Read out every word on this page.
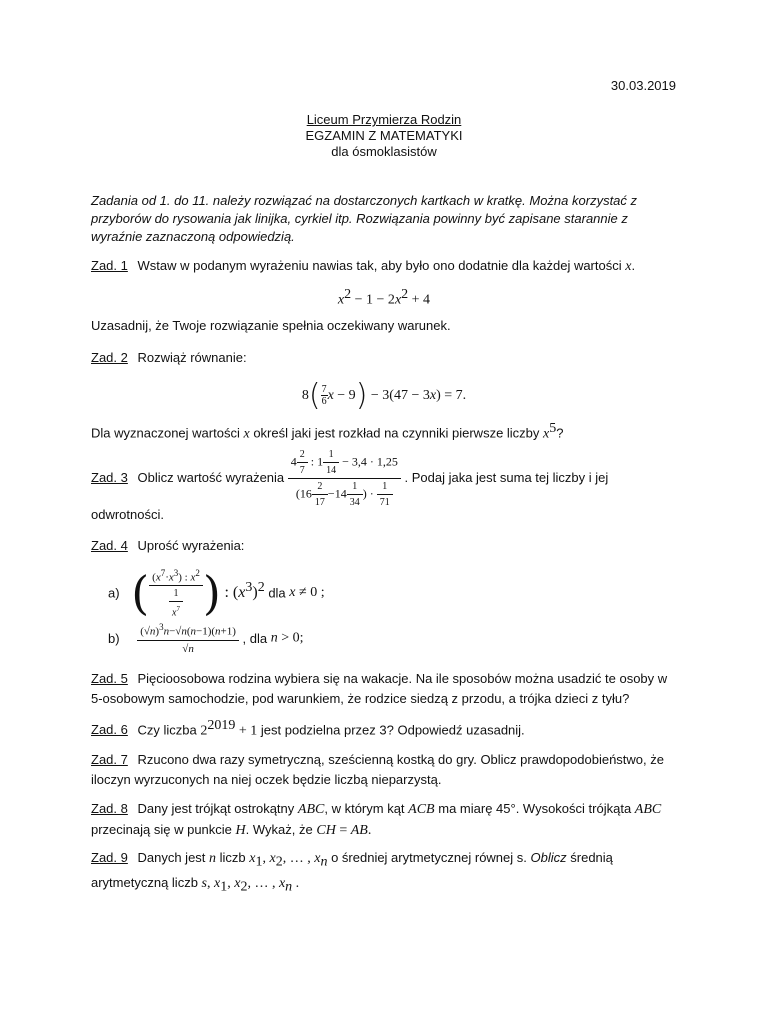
30.03.2019
Liceum Przymierza Rodzin
EGZAMIN Z MATEMATYKI
dla ósmoklasistów
Zadania od 1. do 11. należy rozwiązać na dostarczonych kartkach w kratkę. Można korzystać z przyborów do rysowania jak linijka, cyrkiel itp. Rozwiązania powinny być zapisane starannie z wyraźnie zaznaczoną odpowiedzią.
Zad. 1 Wstaw w podanym wyrażeniu nawias tak, aby było ono dodatnie dla każdej wartości x.
$x^2 - 1 - 2x^2 + 4$
Uzasadnij, że Twoje rozwiązanie spełnia oczekiwany warunek.
Zad. 2 Rozwiąż równanie:
$8( \frac{7}{6}$ x − 9) − 3(47 − 3x) = 7.
Dla wyznaczonej wartości x określ jaki jest rozkład na czynniki pierwsze liczby $x^5$?
Zad. 3 Oblicz wartość wyrażenia $\frac{4 \frac{2}{7} : 1 \frac{1}{14} - 3,4 \cdot 1,25}{(16 \frac{2}{17} -14 \frac{1}{34} ) \cdot \frac{1}{71}}$ . Podaj jaka jest suma tej liczby i jej
odwrotności.
Zad. 4 Uprość wyrażenia:
a) ( $\frac{(x^7\cdot x^3) : x^2}{\frac{1}{x^7}}$ ) : $(x^3)^2$ dla x ≠ 0 ;
$b) \frac{(√n)^3n-√n(n-1)(n+1)}{√n}$ , dla n > 0;
Zad. 5 Pięcioosobowa rodzina wybiera się na wakacje. Na ile sposobów można usadzić te osoby w
5-osobowym samochodzie, pod warunkiem, że rodzice siedzą z przodu, a trójka dzieci z tyłu?
Zad. 6 Czy liczba $2^{2019} + 1$ jest podzielna przez 3? Odpowiedź uzasadnij.
Zad. 7 Rzucono dwa razy symetryczną, sześcienną kostką do gry. Oblicz prawdopodobieństwo, że
iloczyn wyrzuconych na niej oczek będzie liczbą nieparzystą.
Zad. 8 Dany jest trójkąt ostrokątny ABC, w którym kąt ACB ma miarę 45°. Wysokości trójkąta ABC
przecinają się w punkcie H. Wykaż, że CH = AB.
Zad. 9 Danych jest n liczb $x_1$, $x_2$, … , $x_n$ o średniej arytmetycznej równej s. Oblicz średnią
arytmetyczną liczb s, $x_1$, $x_2$, … , $x_n$ .
